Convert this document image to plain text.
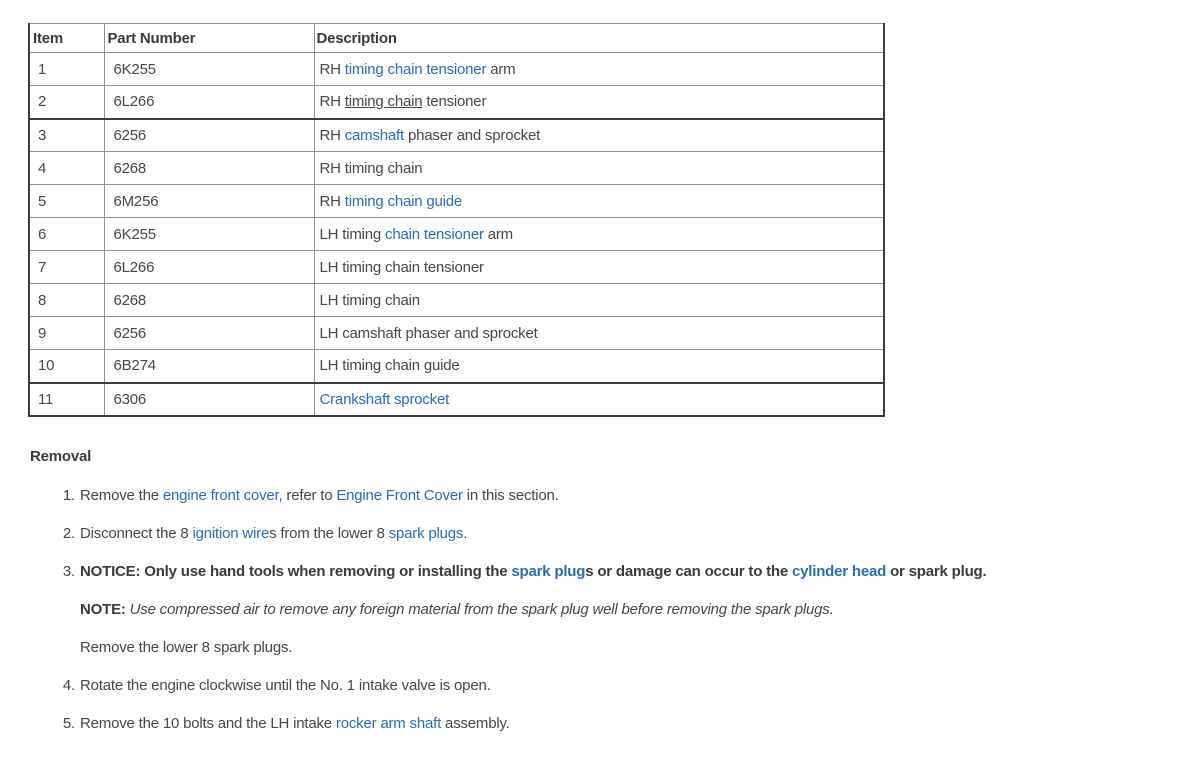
Item	Part Number	Description
1	6K255	RH timing chain tensioner arm
2	6L266	RH timing chain tensioner
3	6256	RH camshaft phaser and sprocket
4	6268	RH timing chain
5	6M256	RH timing chain guide
6	6K255	LH timing chain tensioner arm
7	6L266	LH timing chain tensioner
8	6268	LH timing chain
9	6256	LH camshaft phaser and sprocket
10	6B274	LH timing chain guide
11	6306	Crankshaft sprocket
Removal
1. Remove the engine front cover, refer to Engine Front Cover in this section.

2. Disconnect the 8 ignition wires from the lower 8 spark plugs.

3. NOTICE: Only use hand tools when removing or installing the spark plugs or damage can occur to the cylinder head or spark plug.

NOTE: Use compressed air to remove any foreign material from the spark plug well before removing the spark plugs.

Remove the lower 8 spark plugs.

4. Rotate the engine clockwise until the No. 1 intake valve is open.

5. Remove the 10 bolts and the LH intake rocker arm shaft assembly.
